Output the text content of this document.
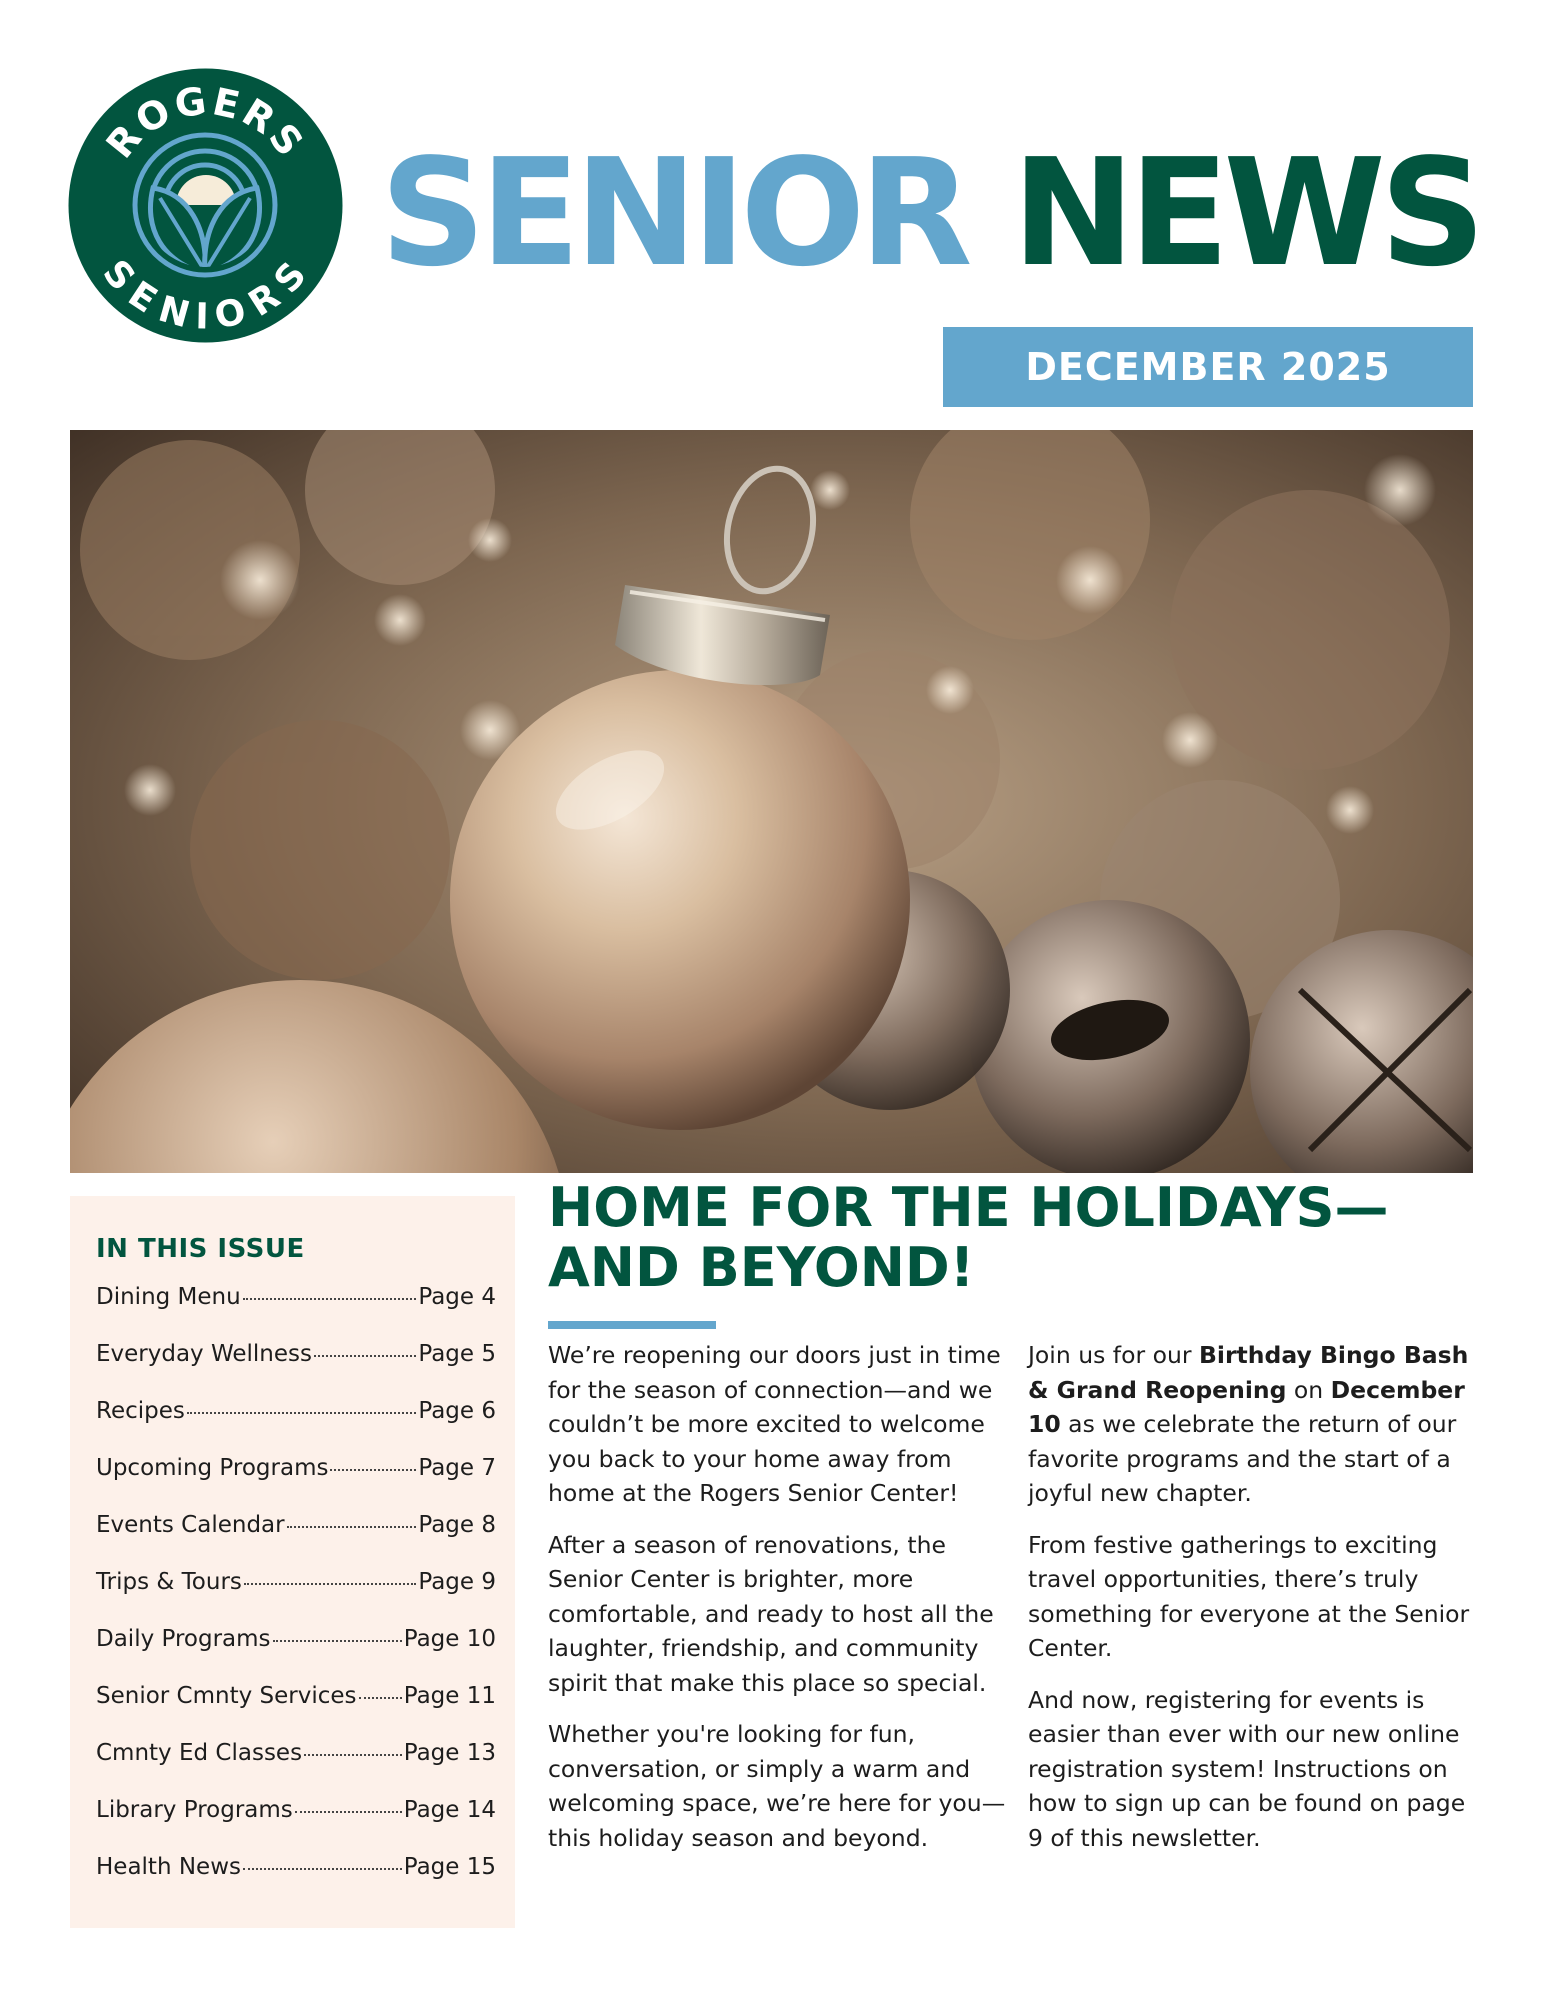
ROGERS
SENIORS SENIOR NEWS
DECEMBER 2025
IN THIS ISSUE
Dining Menu	Page 4
Everyday Wellness	Page 5
Recipes	Page 6
Upcoming Programs	Page 7
Events Calendar	Page 8
Trips & Tours	Page 9
Daily Programs	Page 10
Senior Cmnty Services Page 11
Cmnty Ed Classes	Page 13
Library Programs	Page 14
Health News	Page 15
HOME FOR THE HOLIDAYS—
AND BEYOND!

We’re reopening our doors just in time for the season of connection—and we couldn’t be more excited to welcome you back to your home away from home at the Rogers Senior Center!

After a season of renovations, the Senior Center is brighter, more comfortable, and ready to host all the laughter, friendship, and community spirit that make this place so special.

Whether you're looking for fun, conversation, or simply a warm and welcoming space, we’re here for you—this holiday season and beyond.

Join us for our Birthday Bingo Bash & Grand Reopening on December 10 as we celebrate the return of our favorite programs and the start of a joyful new chapter.

From festive gatherings to exciting travel opportunities, there’s truly something for everyone at the Senior Center.

And now, registering for events is easier than ever with our new online registration system! Instructions on how to sign up can be found on page 9 of this newsletter.
